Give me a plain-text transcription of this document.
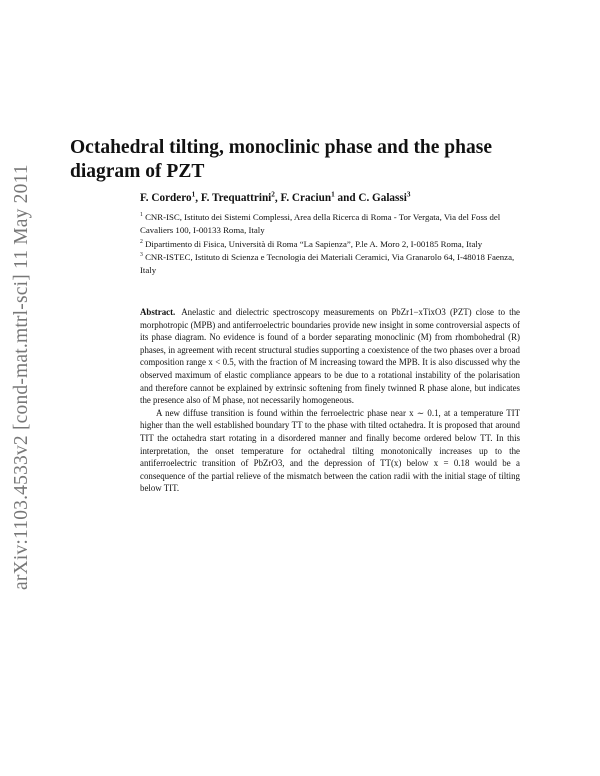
arXiv:1103.4533v2 [cond-mat.mtrl-sci] 11 May 2011
Octahedral tilting, monoclinic phase and the phase diagram of PZT
F. Cordero$^1$, F. Trequattrini$^2$, F. Craciun$^1$ and C. Galassi$^3$

$^1$ CNR-ISC, Istituto dei Sistemi Complessi, Area della Ricerca di Roma - Tor Vergata, Via del Foss del Cavaliers 100, I-00133 Roma, Italy

$^2$ Dipartimento di Fisica, Università di Roma “La Sapienza”, P.le A. Moro 2, I-00185 Roma, Italy

$^3$ CNR-ISTEC, Istituto di Scienza e Tecnologia dei Materiali Ceramici, Via Granarolo 64, I-48018 Faenza, Italy

Abstract. Anelastic and dielectric spectroscopy measurements on PbZr1−xTixO3 (PZT) close to the morphotropic (MPB) and antiferroelectric boundaries provide new insight in some controversial aspects of its phase diagram. No evidence is found of a border separating monoclinic (M) from rhombohedral (R) phases, in agreement with recent structural studies supporting a coexistence of the two phases over a broad composition range x < 0.5, with the fraction of M increasing toward the MPB. It is also discussed why the observed maximum of elastic compliance appears to be due to a rotational instability of the polarisation and therefore cannot be explained by extrinsic softening from finely twinned R phase alone, but indicates the presence also of M phase, not necessarily homogeneous.

A new diffuse transition is found within the ferroelectric phase near x ∼ 0.1, at a temperature TIT higher than the well established boundary TT to the phase with tilted octahedra. It is proposed that around TIT the octahedra start rotating in a disordered manner and finally become ordered below TT. In this interpretation, the onset temperature for octahedral tilting monotonically increases up to the antiferroelectric transition of PbZrO3, and the depression of TT(x) below x = 0.18 would be a consequence of the partial relieve of the mismatch between the cation radii with the initial stage of tilting below TIT.
